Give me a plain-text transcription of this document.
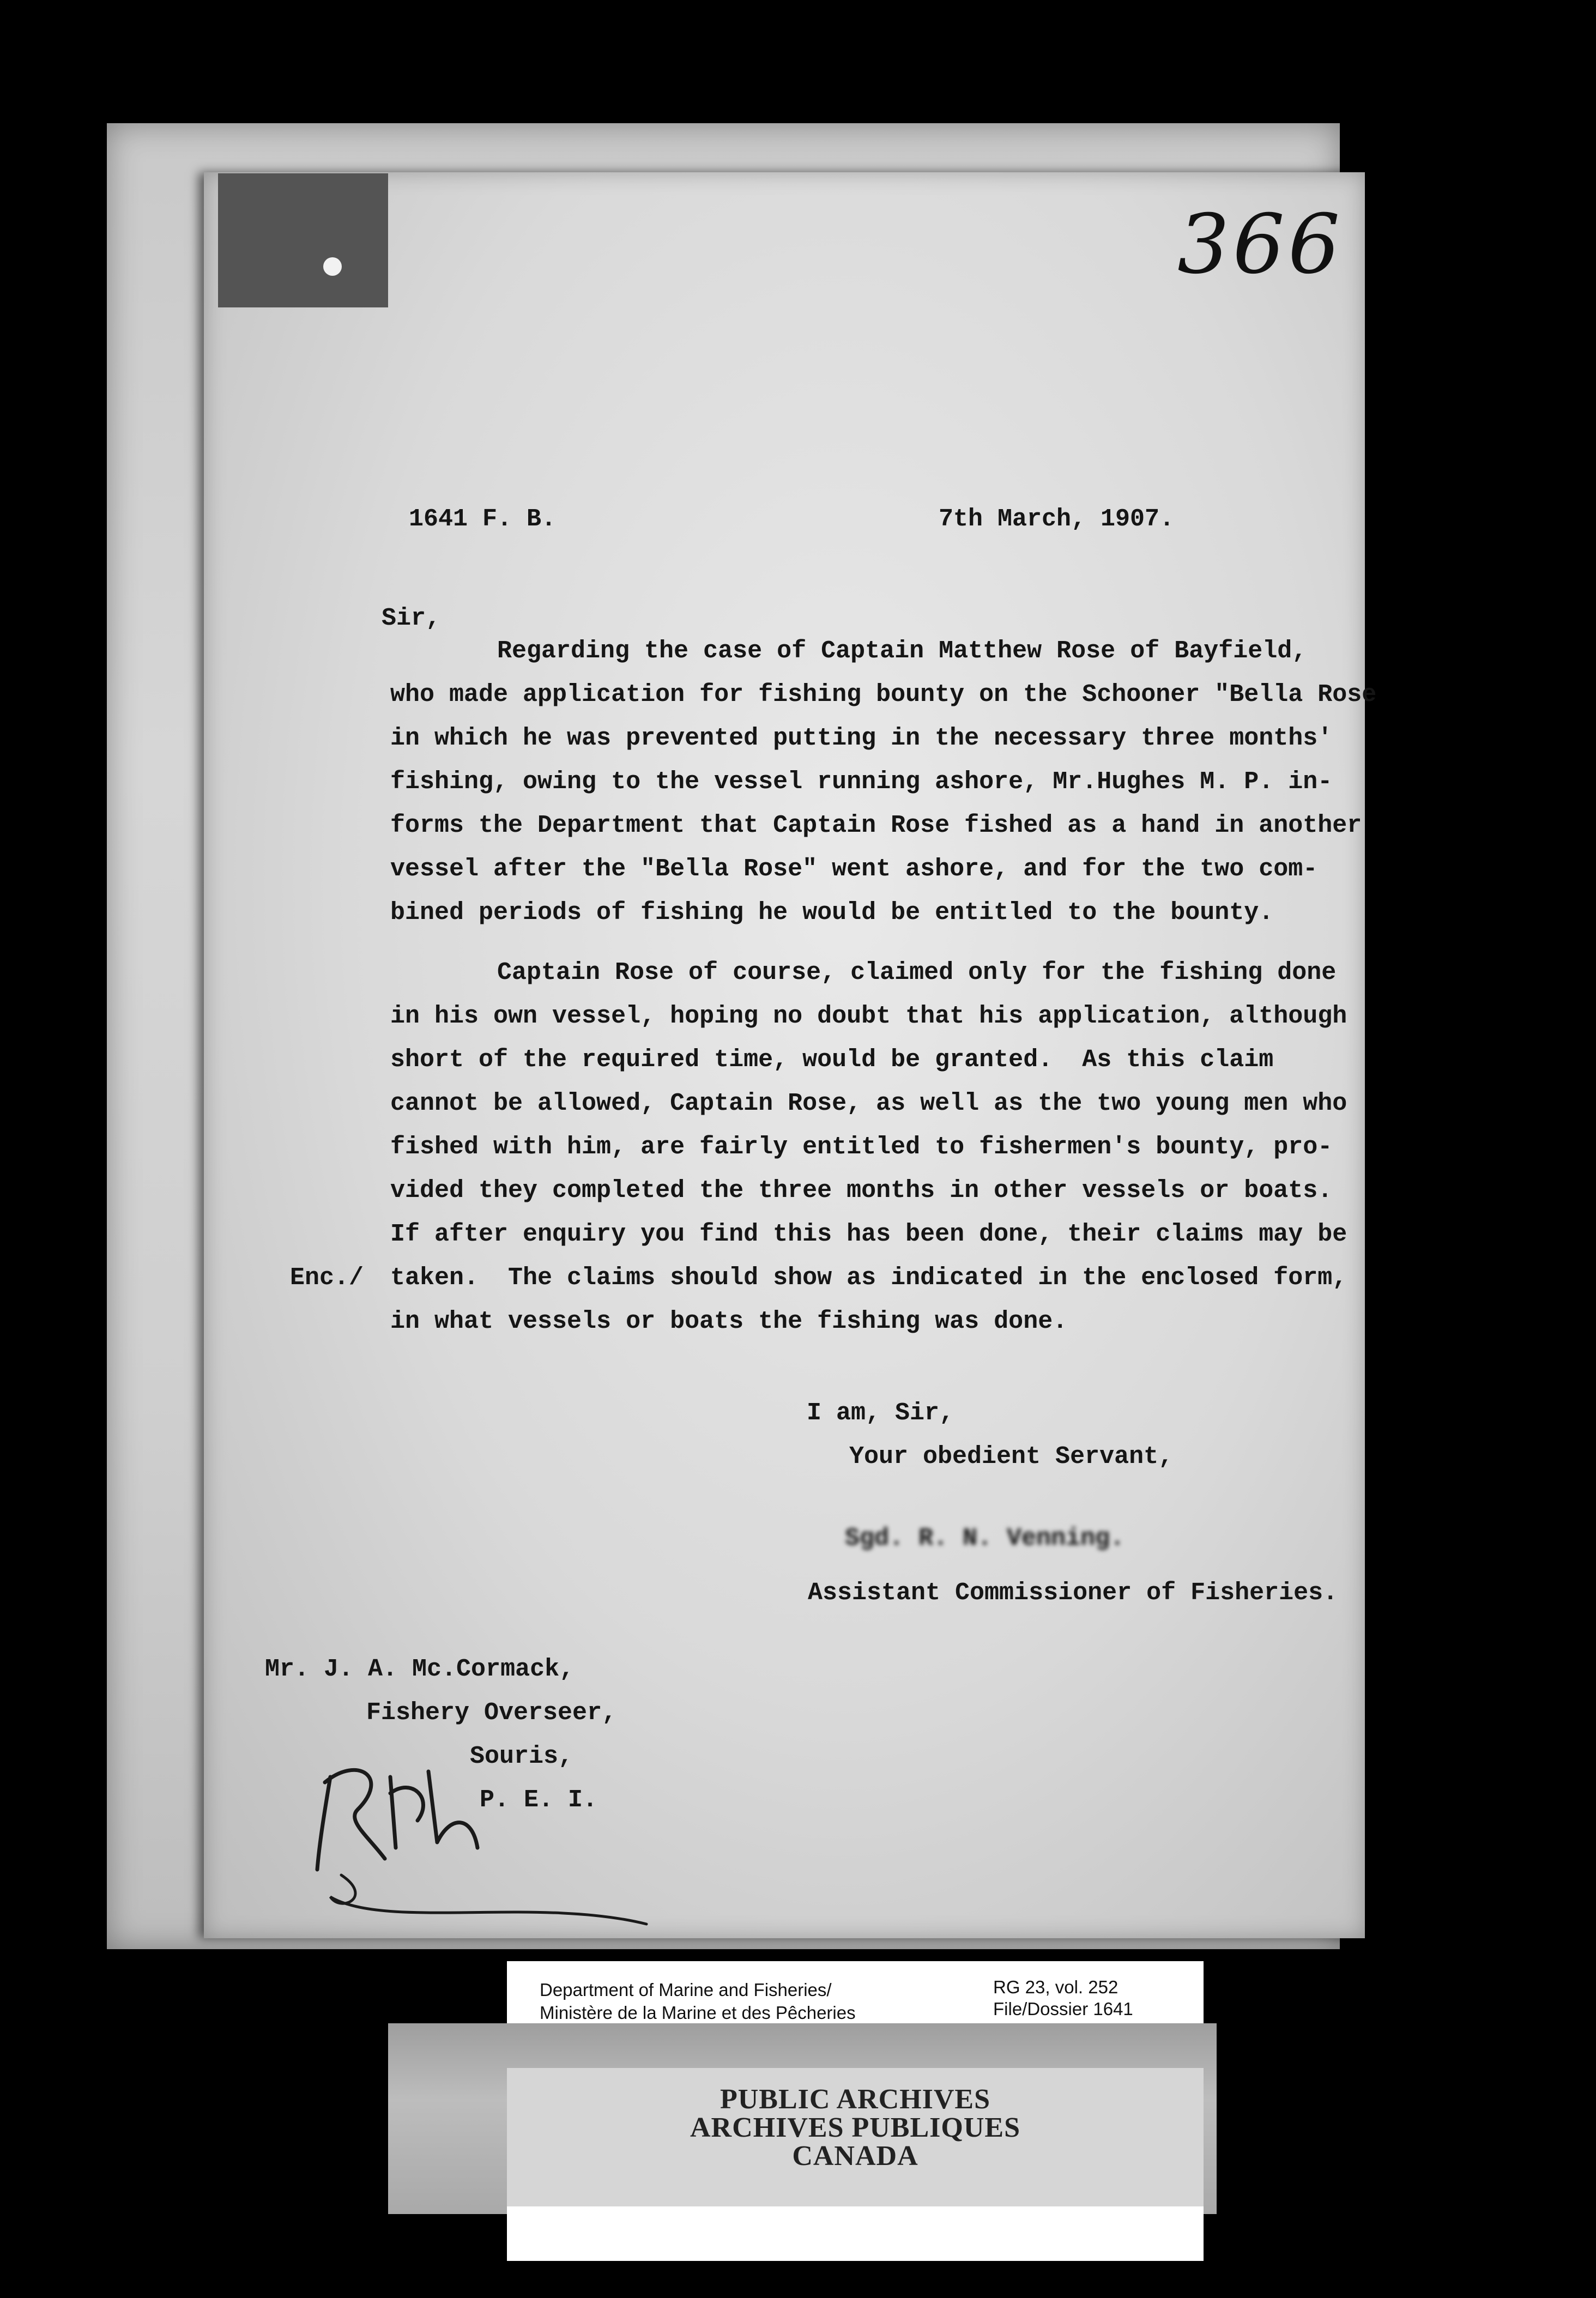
366
1641 F. B.	7th March, 1907.
Sir,
Regarding the case of Captain Matthew Rose of Bayfield,
who made application for fishing bounty on the Schooner "Bella Rose
in which he was prevented putting in the necessary three months'
fishing, owing to the vessel running ashore, Mr.Hughes M. P. in-
forms the Department that Captain Rose fished as a hand in another
vessel after the "Bella Rose" went ashore, and for the two com-
bined periods of fishing he would be entitled to the bounty.
Captain Rose of course, claimed only for the fishing done
in his own vessel, hoping no doubt that his application, although
short of the required time, would be granted.  As this claim
cannot be allowed, Captain Rose, as well as the two young men who
fished with him, are fairly entitled to fishermen's bounty, pro-
vided they completed the three months in other vessels or boats.
If after enquiry you find this has been done, their claims may be
taken.  The claims should show as indicated in the enclosed form,
in what vessels or boats the fishing was done.
Enc./
I am, Sir,
Your obedient Servant,
Sgd. R. N. Venning.
Assistant Commissioner of Fisheries.
Mr. J. A. Mc.Cormack,
Fishery Overseer,
Souris,
P. E. I.
Department of Marine and Fisheries/
Ministère de la Marine et des Pêcheries
RG 23, vol. 252
File/Dossier 1641
PUBLIC ARCHIVES
ARCHIVES PUBLIQUES
CANADA
